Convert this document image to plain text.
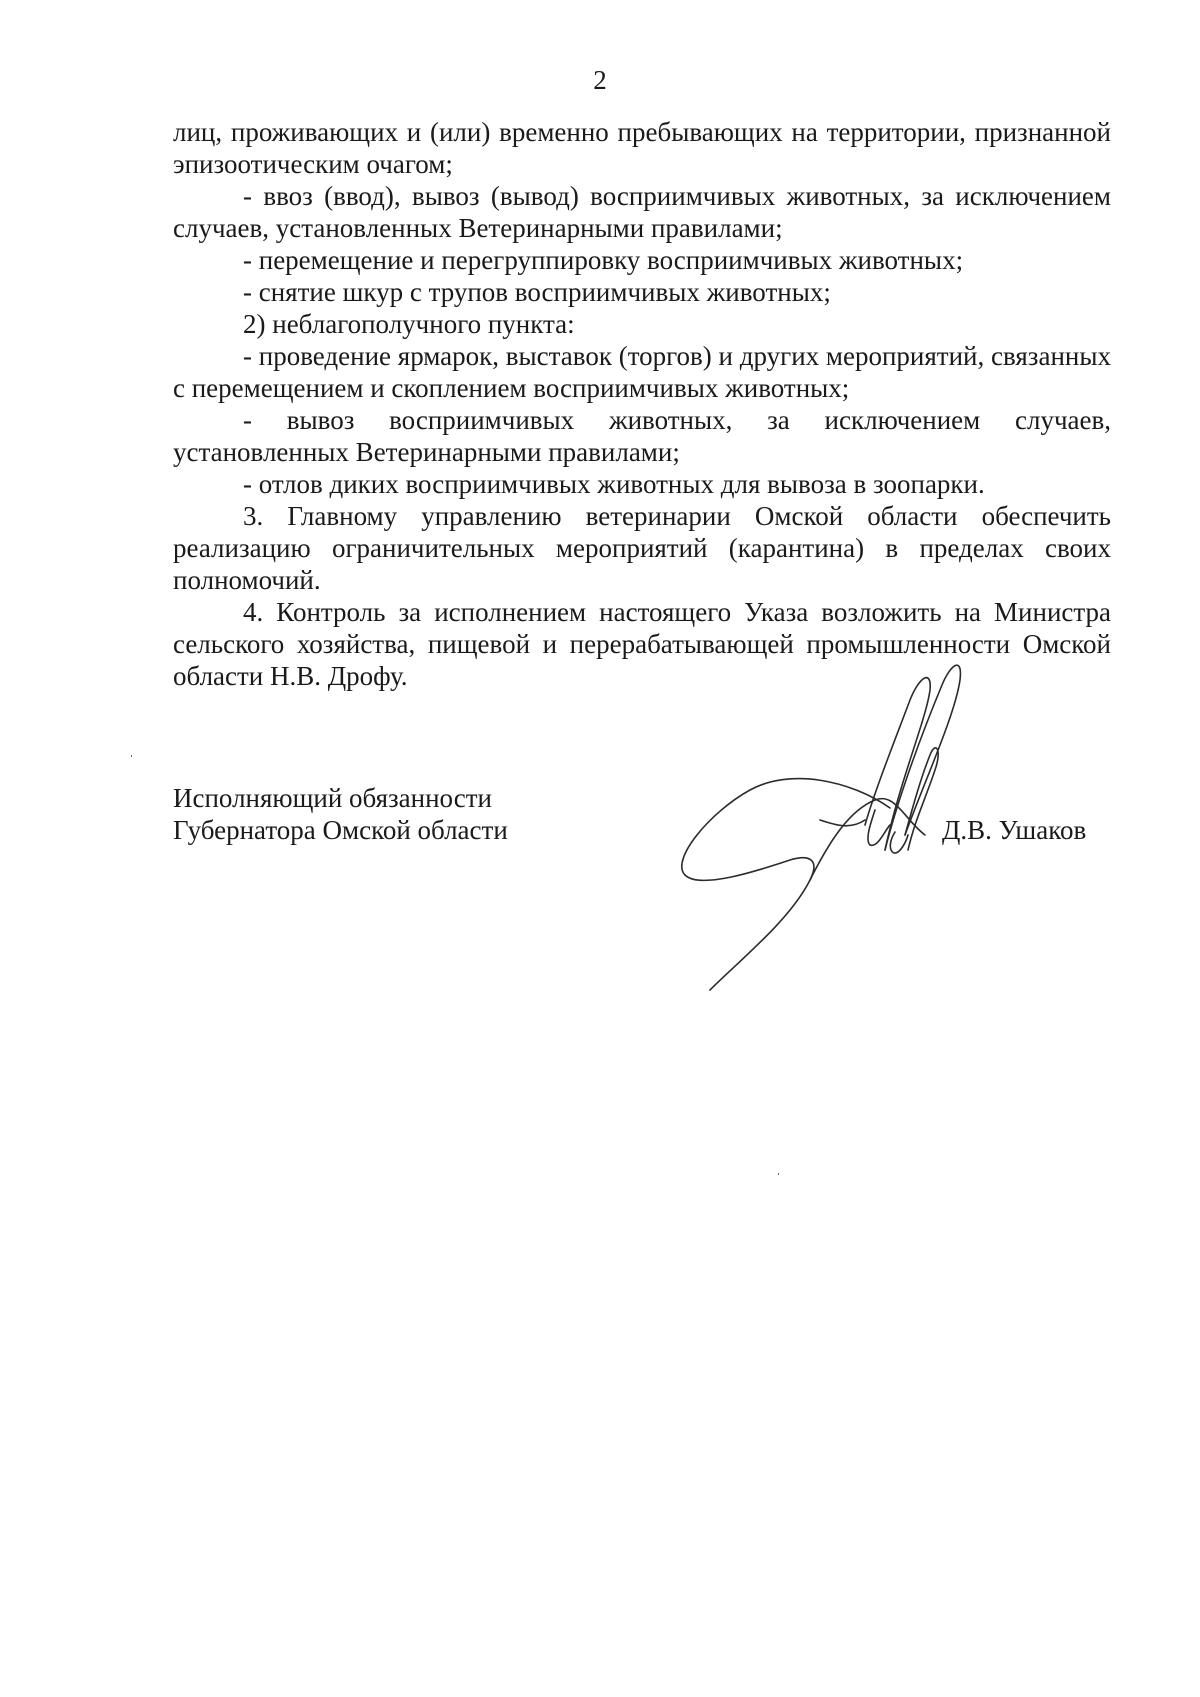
2

лиц, проживающих и (или) временно пребывающих на территории, признанной эпизоотическим очагом;

- ввоз (ввод), вывоз (вывод) восприимчивых животных, за исключением случаев, установленных Ветеринарными правилами;

- перемещение и перегруппировку восприимчивых животных;

- снятие шкур с трупов восприимчивых животных;

2) неблагополучного пункта:

- проведение ярмарок, выставок (торгов) и других мероприятий, связанных с перемещением и скоплением восприимчивых животных;

- вывоз восприимчивых животных, за исключением случаев, установленных Ветеринарными правилами;

- отлов диких восприимчивых животных для вывоза в зоопарки.

3. Главному управлению ветеринарии Омской области обеспечить реализацию ограничительных мероприятий (карантина) в пределах своих полномочий.

4. Контроль за исполнением настоящего Указа возложить на Министра сельского хозяйства, пищевой и перерабатывающей промышленности Омской области Н.В. Дрофу.

Исполняющий обязанности
Губернатора Омской области	Д.В. Ушаков
